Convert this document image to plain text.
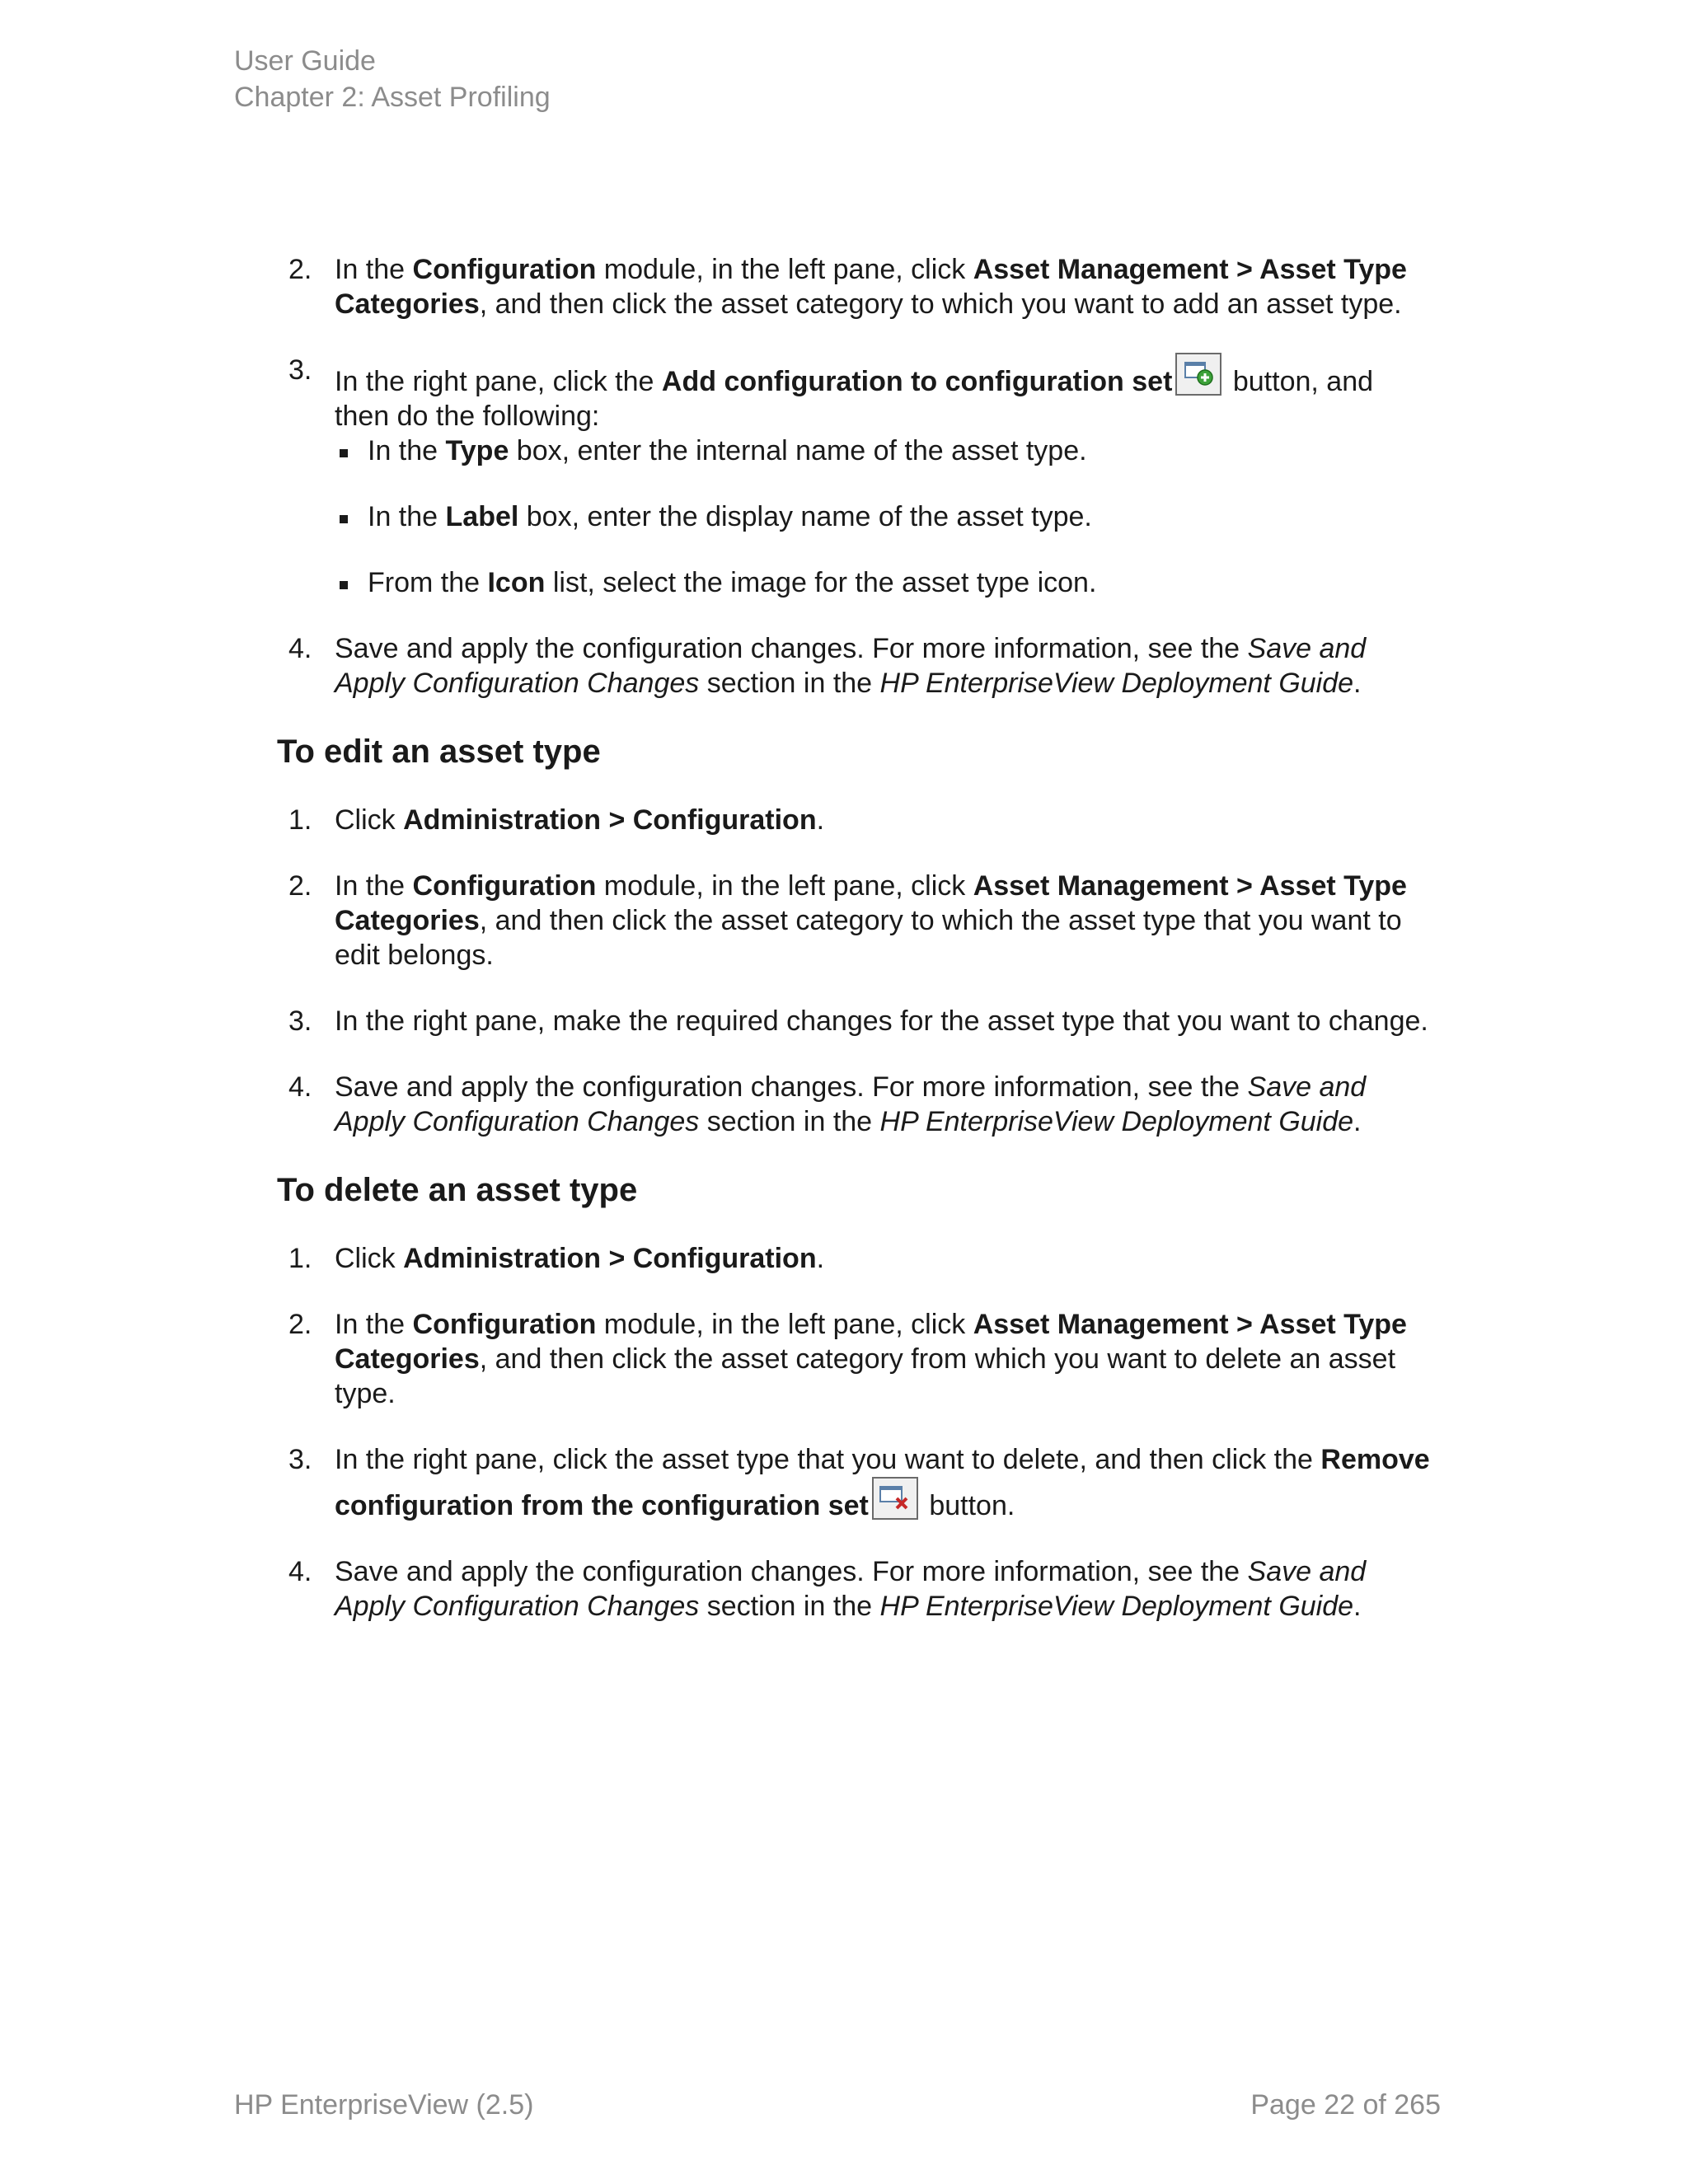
User Guide
Chapter 2: Asset Profiling
2. In the Configuration module, in the left pane, click Asset Management > Asset Type Categories, and then click the asset category to which you want to add an asset type.
3. In the right pane, click the Add configuration to configuration set button, and then do the following:
In the Type box, enter the internal name of the asset type.
In the Label box, enter the display name of the asset type.
From the Icon list, select the image for the asset type icon.
4. Save and apply the configuration changes. For more information, see the Save and Apply Configuration Changes section in the HP EnterpriseView Deployment Guide.
To edit an asset type
1. Click Administration > Configuration.
2. In the Configuration module, in the left pane, click Asset Management > Asset Type Categories, and then click the asset category to which the asset type that you want to edit belongs.
3. In the right pane, make the required changes for the asset type that you want to change.
4. Save and apply the configuration changes. For more information, see the Save and Apply Configuration Changes section in the HP EnterpriseView Deployment Guide.
To delete an asset type
1. Click Administration > Configuration.
2. In the Configuration module, in the left pane, click Asset Management > Asset Type Categories, and then click the asset category from which you want to delete an asset type.
3. In the right pane, click the asset type that you want to delete, and then click the Remove configuration from the configuration set button.
4. Save and apply the configuration changes. For more information, see the Save and Apply Configuration Changes section in the HP EnterpriseView Deployment Guide.
HP EnterpriseView (2.5)	Page 22 of 265
